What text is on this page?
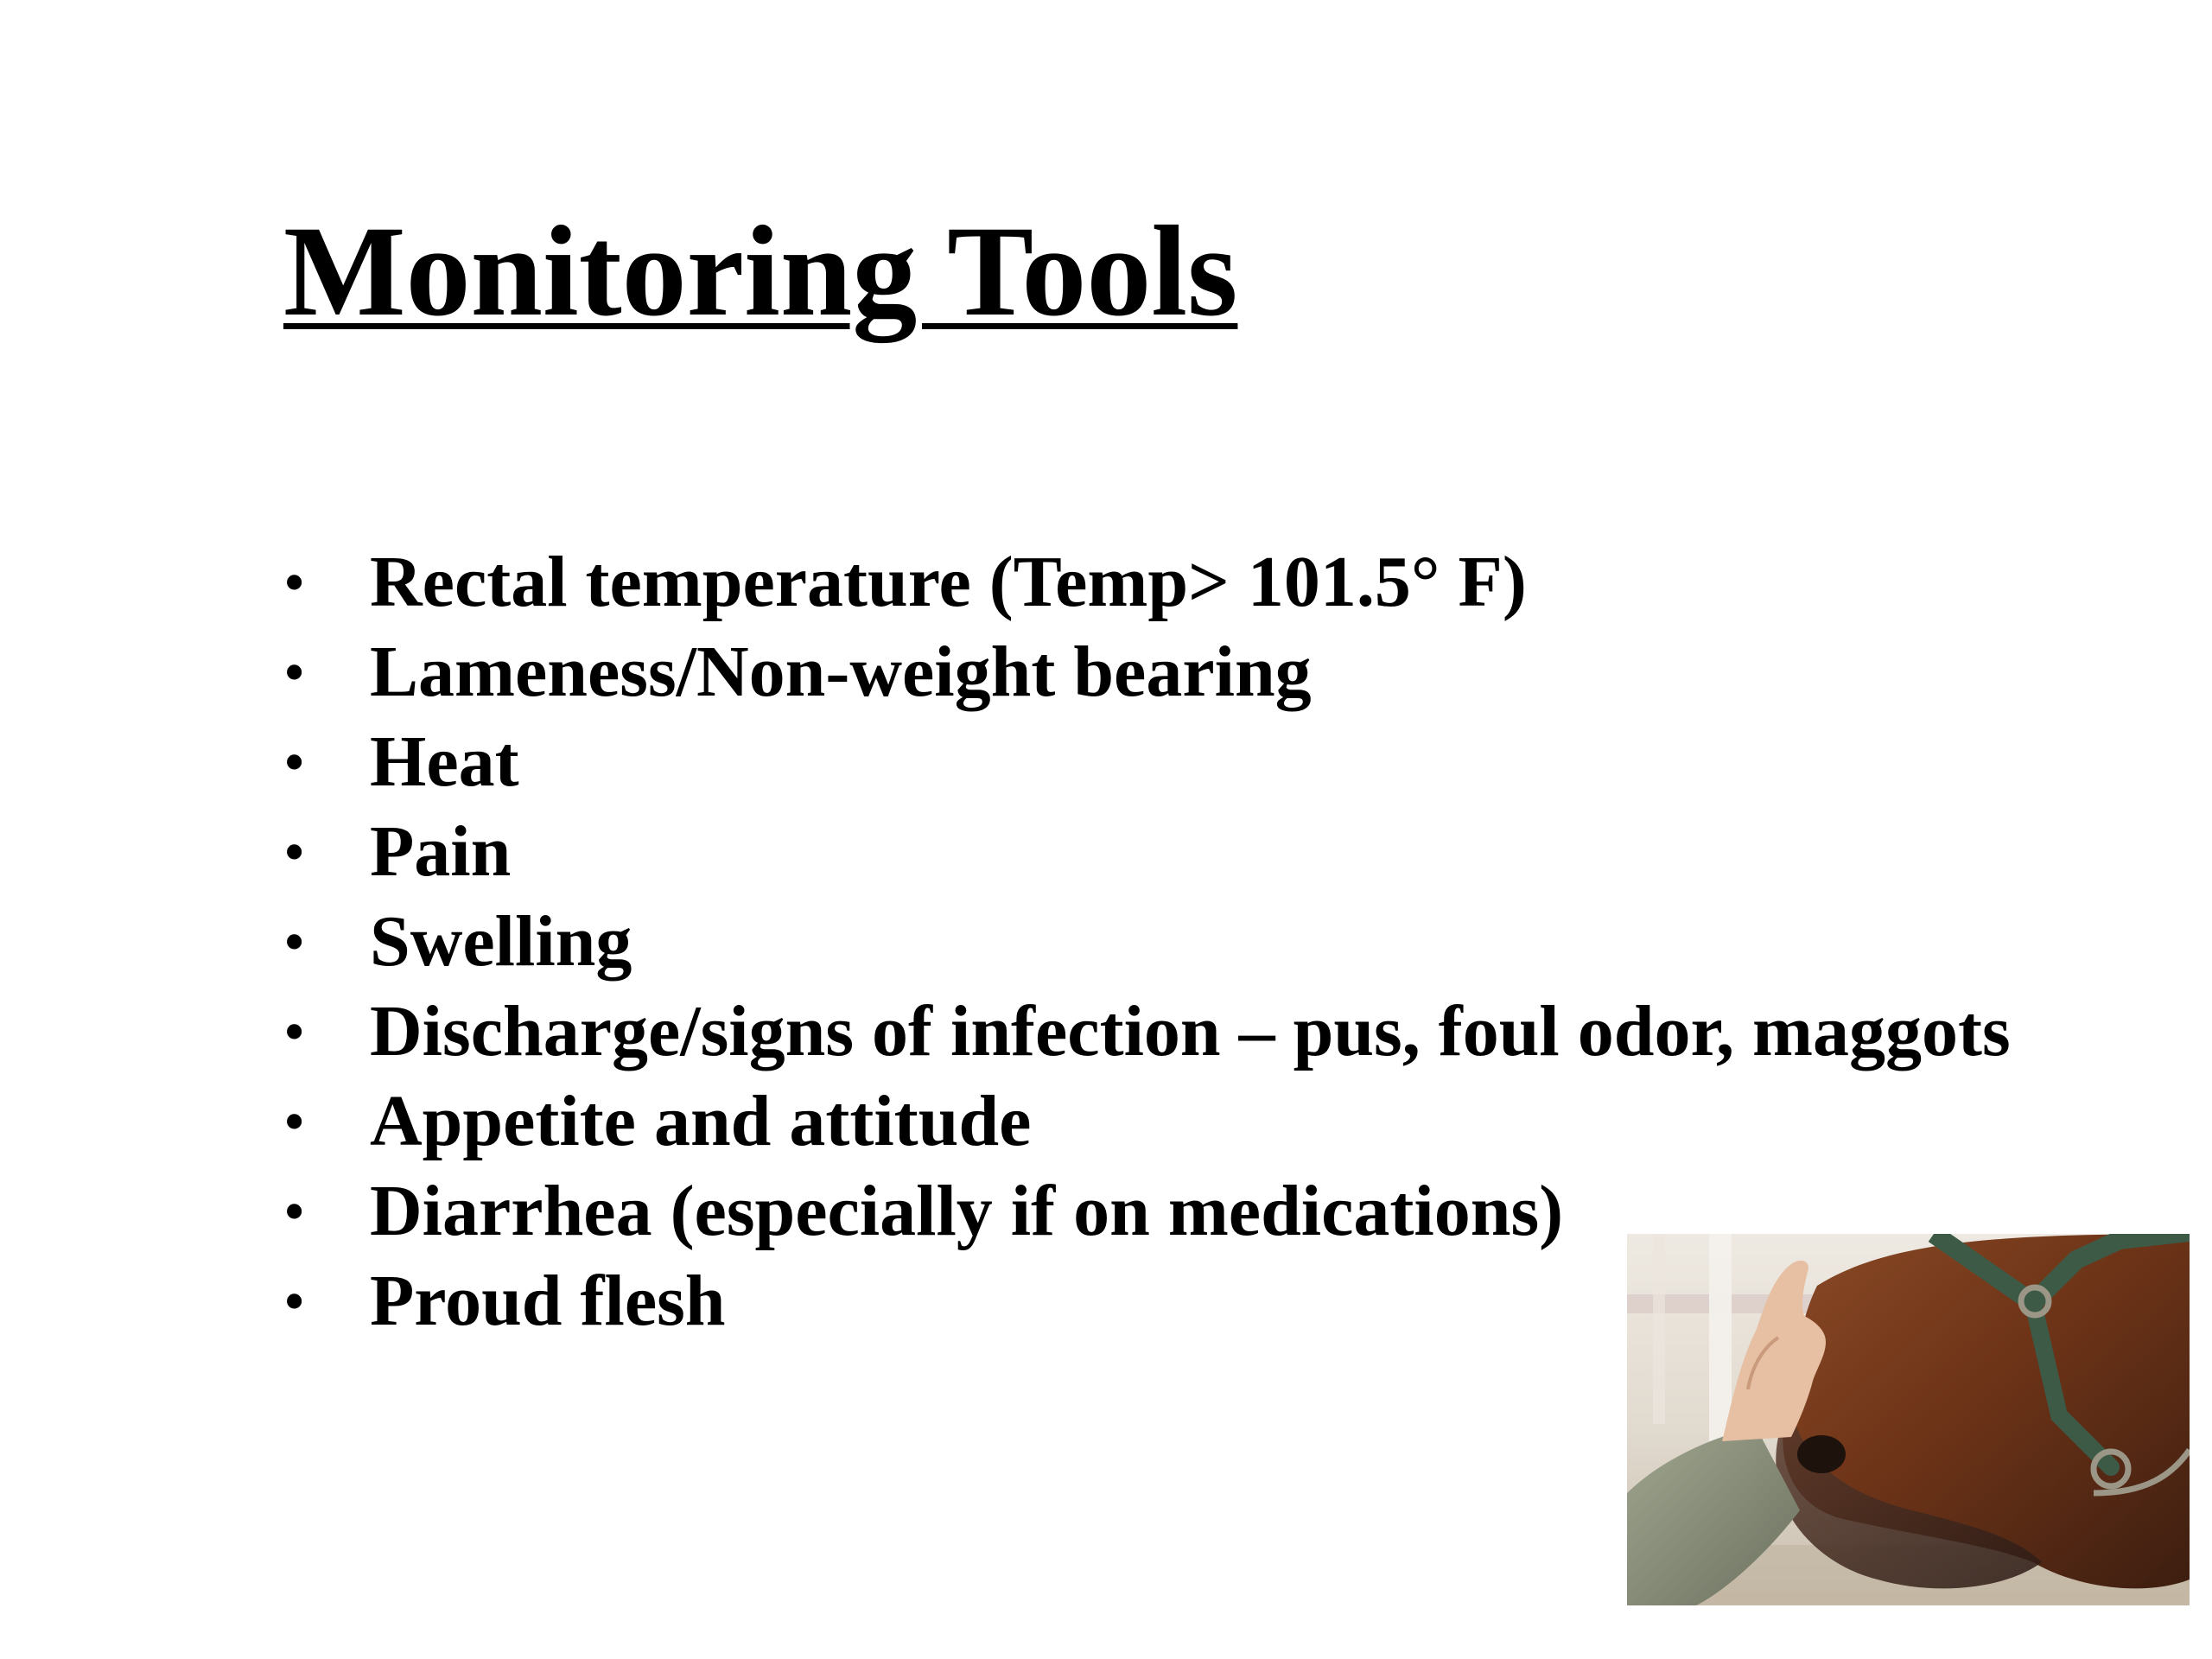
Monitoring Tools
• Rectal temperature (Temp> 101.5° F)
• Lameness/Non-weight bearing
• Heat
• Pain
• Swelling
• Discharge/signs of infection – pus, foul odor, maggots
• Appetite and attitude
• Diarrhea (especially if on medications)
• Proud flesh
